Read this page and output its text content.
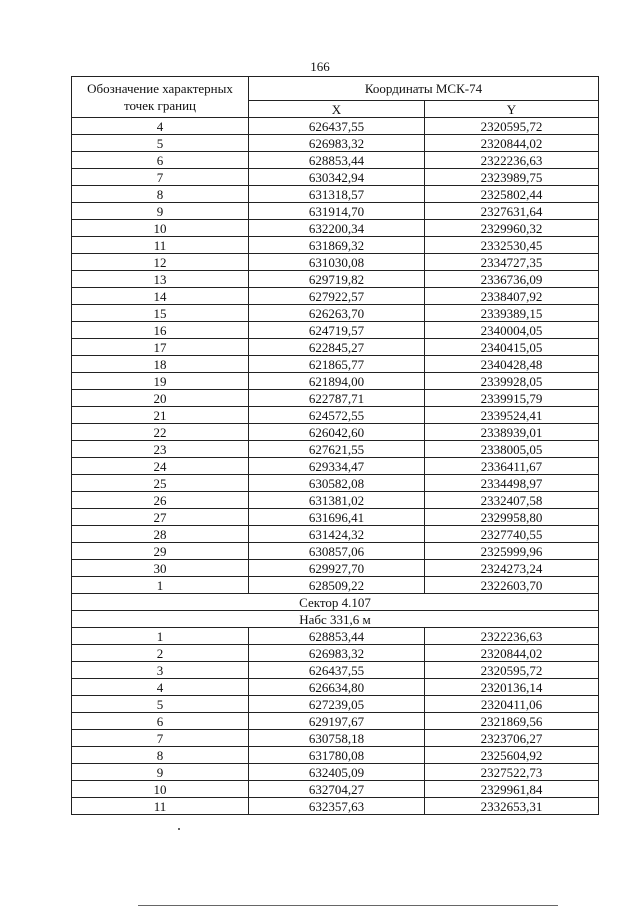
166
Обозначение характерных точек границ	Координаты МСК-74	
	X	Y
4	626437,55	2320595,72
5	626983,32	2320844,02
6	628853,44	2322236,63
7	630342,94	2323989,75
8	631318,57	2325802,44
9	631914,70	2327631,64
10	632200,34	2329960,32
11	631869,32	2332530,45
12	631030,08	2334727,35
13	629719,82	2336736,09
14	627922,57	2338407,92
15	626263,70	2339389,15
16	624719,57	2340004,05
17	622845,27	2340415,05
18	621865,77	2340428,48
19	621894,00	2339928,05
20	622787,71	2339915,79
21	624572,55	2339524,41
22	626042,60	2338939,01
23	627621,55	2338005,05
24	629334,47	2336411,67
25	630582,08	2334498,97
26	631381,02	2332407,58
27	631696,41	2329958,80
28	631424,32	2327740,55
29	630857,06	2325999,96
30	629927,70	2324273,24
1	628509,22	2322603,70
Сектор 4.107		
Набс 331,6 м		
1	628853,44	2322236,63
2	626983,32	2320844,02
3	626437,55	2320595,72
4	626634,80	2320136,14
5	627239,05	2320411,06
6	629197,67	2321869,56
7	630758,18	2323706,27
8	631780,08	2325604,92
9	632405,09	2327522,73
10	632704,27	2329961,84
11	632357,63	2332653,31
